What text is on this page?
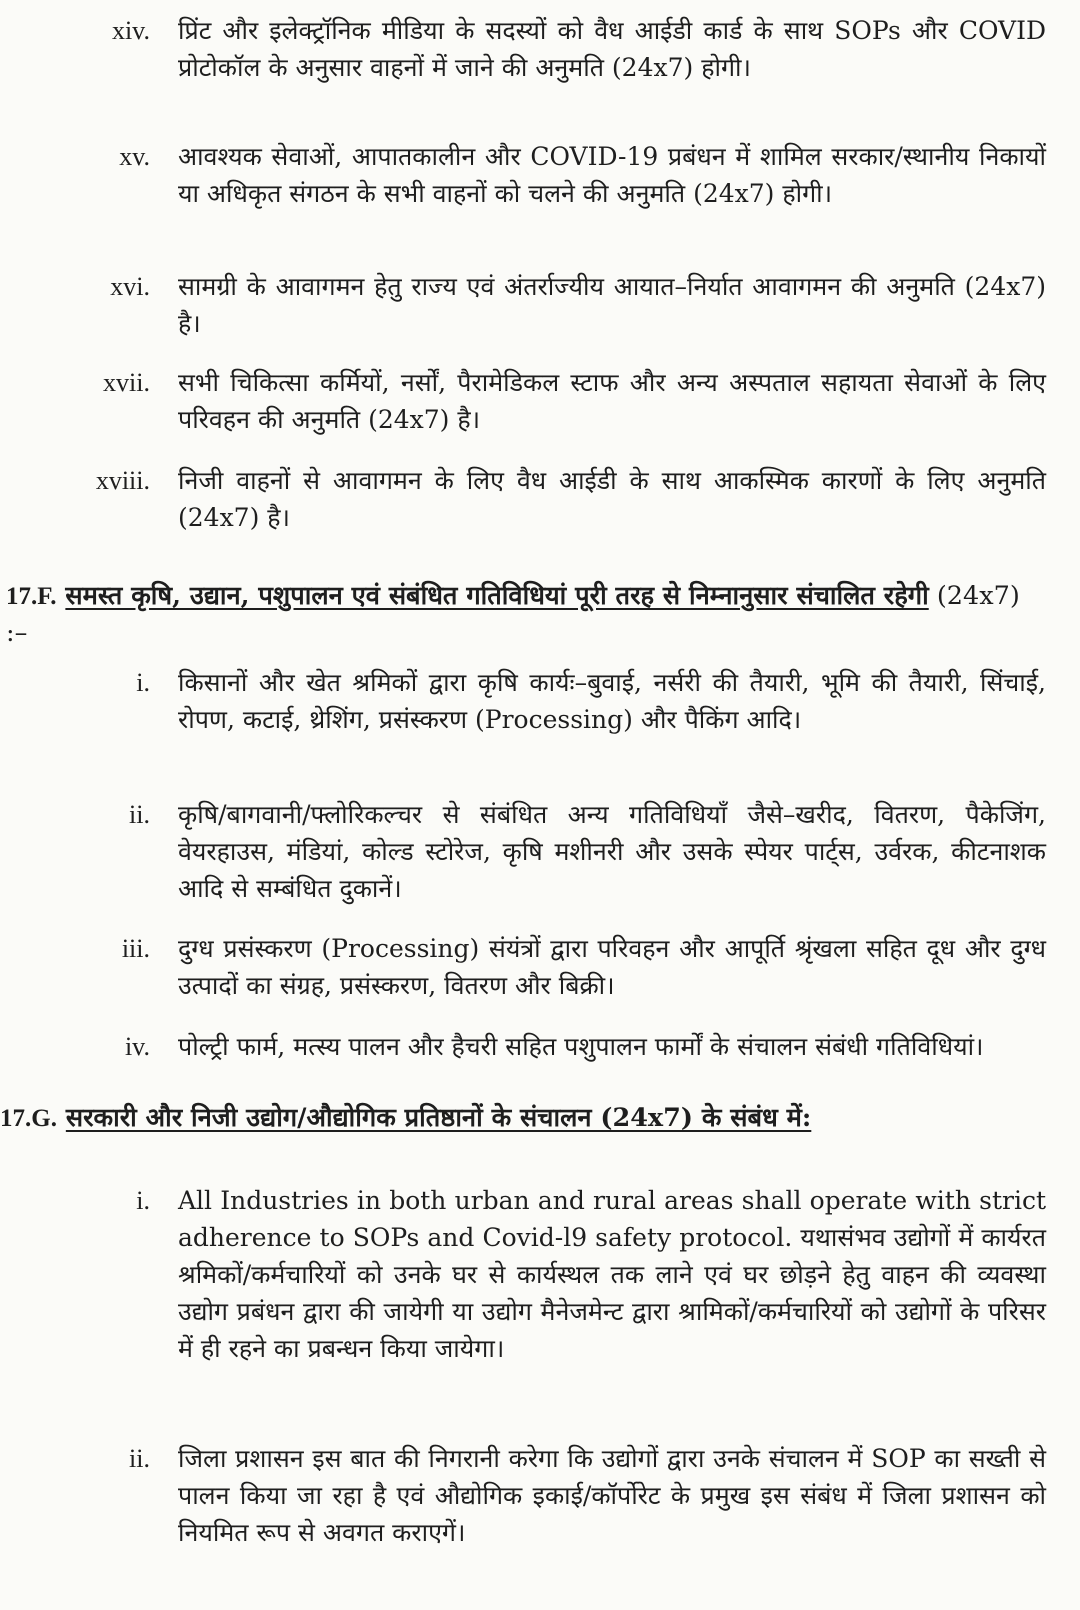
xiv. प्रिंट और इलेक्ट्रॉनिक मीडिया के सदस्यों को वैध आईडी कार्ड के साथ SOPs और COVID प्रोटोकॉल के अनुसार वाहनों में जाने की अनुमति (24x7) होगी।
xv. आवश्यक सेवाओं, आपातकालीन और COVID-19 प्रबंधन में शामिल सरकार/स्थानीय निकायों या अधिकृत संगठन के सभी वाहनों को चलने की अनुमति (24x7) होगी।
xvi. सामग्री के आवागमन हेतु राज्य एवं अंतर्राज्यीय आयात–निर्यात आवागमन की अनुमति (24x7) है।
xvii. सभी चिकित्सा कर्मियों, नर्सों, पैरामेडिकल स्टाफ और अन्य अस्पताल सहायता सेवाओं के लिए परिवहन की अनुमति (24x7) है।
xviii. निजी वाहनों से आवागमन के लिए वैध आईडी के साथ आकस्मिक कारणों के लिए अनुमति (24x7) है।
17.F. समस्त कृषि, उद्यान, पशुपालन एवं संबंधित गतिविधियां पूरी तरह से निम्नानुसार संचालित रहेगी (24x7) :–
i. किसानों और खेत श्रमिकों द्वारा कृषि कार्यः–बुवाई, नर्सरी की तैयारी, भूमि की तैयारी, सिंचाई, रोपण, कटाई, थ्रेशिंग, प्रसंस्करण (Processing) और पैकिंग आदि।
ii. कृषि/बागवानी/फ्लोरिकल्चर से संबंधित अन्य गतिविधियाँ जैसे–खरीद, वितरण, पैकेजिंग, वेयरहाउस, मंडियां, कोल्ड स्टोरेज, कृषि मशीनरी और उसके स्पेयर पार्ट्स, उर्वरक, कीटनाशक आदि से सम्बंधित दुकानें।
iii. दुग्ध प्रसंस्करण (Processing) संयंत्रों द्वारा परिवहन और आपूर्ति श्रृंखला सहित दूध और दुग्ध उत्पादों का संग्रह, प्रसंस्करण, वितरण और बिक्री।
iv. पोल्ट्री फार्म, मत्स्य पालन और हैचरी सहित पशुपालन फार्मों के संचालन संबंधी गतिविधियां।
17.G. सरकारी और निजी उद्योग/औद्योगिक प्रतिष्ठानों के संचालन (24x7) के संबंध में:
i. All Industries in both urban and rural areas shall operate with strict adherence to SOPs and Covid-l9 safety protocol. यथासंभव उद्योगों में कार्यरत श्रमिकों/कर्मचारियों को उनके घर से कार्यस्थल तक लाने एवं घर छोड़ने हेतु वाहन की व्यवस्था उद्योग प्रबंधन द्वारा की जायेगी या उद्योग मैनेजमेन्ट द्वारा श्रामिकों/कर्मचारियों को उद्योगों के परिसर में ही रहने का प्रबन्धन किया जायेगा।
ii. जिला प्रशासन इस बात की निगरानी करेगा कि उद्योगों द्वारा उनके संचालन में SOP का सख्ती से पालन किया जा रहा है एवं औद्योगिक इकाई/कॉर्पोरेट के प्रमुख इस संबंध में जिला प्रशासन को नियमित रूप से अवगत कराएगें।
